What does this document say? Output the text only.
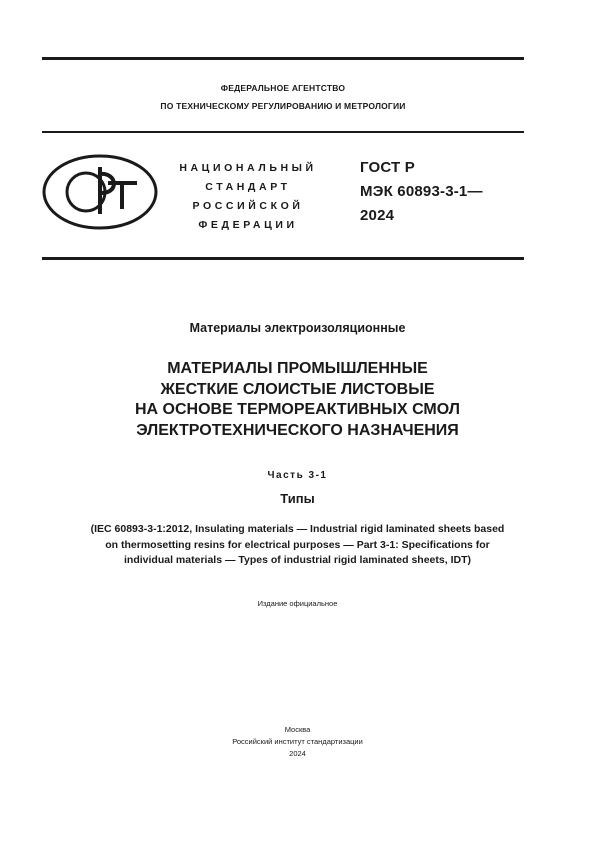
ФЕДЕРАЛЬНОЕ АГЕНТСТВО
ПО ТЕХНИЧЕСКОМУ РЕГУЛИРОВАНИЮ И МЕТРОЛОГИИ
НАЦИОНАЛЬНЫЙ
СТАНДАРТ
РОССИЙСКОЙ
ФЕДЕРАЦИИ
ГОСТ Р
МЭК 60893-3-1—
2024
Материалы электроизоляционные
МАТЕРИАЛЫ ПРОМЫШЛЕННЫЕ
ЖЕСТКИЕ СЛОИСТЫЕ ЛИСТОВЫЕ
НА ОСНОВЕ ТЕРМОРЕАКТИВНЫХ СМОЛ
ЭЛЕКТРОТЕХНИЧЕСКОГО НАЗНАЧЕНИЯ
Часть 3-1
Типы
(IEC 60893-3-1:2012, Insulating materials — Industrial rigid laminated sheets based
on thermosetting resins for electrical purposes — Part 3-1: Specifications for
individual materials — Types of industrial rigid laminated sheets, IDT)
Издание официальное
Москва
Российский институт стандартизации
2024
